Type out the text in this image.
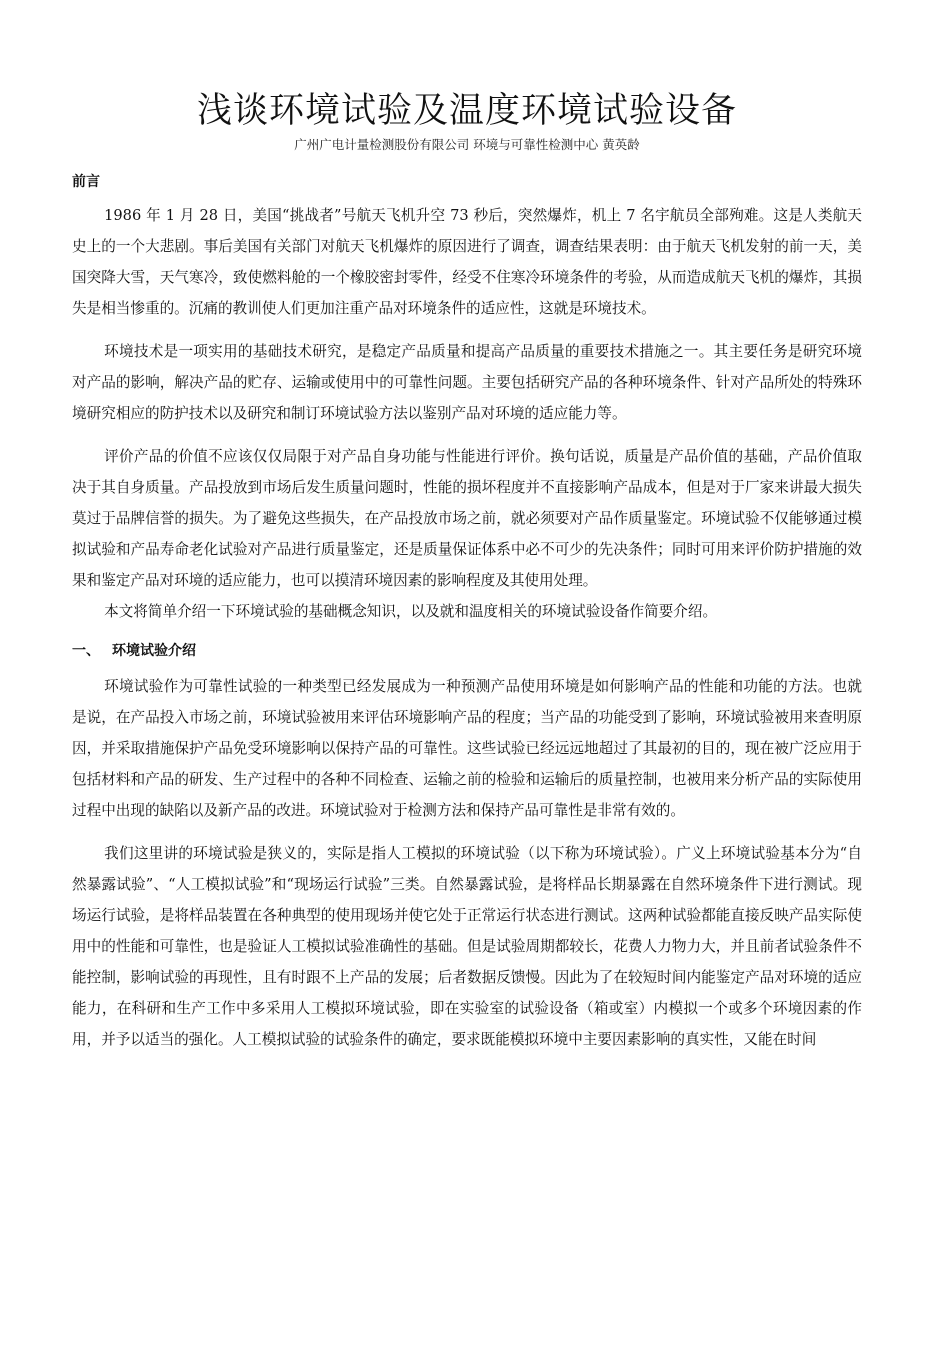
浅谈环境试验及温度环境试验设备
广州广电计量检测股份有限公司 环境与可靠性检测中心 黄英龄
前言

1986 年 1 月 28 日，美国“挑战者”号航天飞机升空 73 秒后，突然爆炸，机上 7 名宇航员全部殉难。这是人类航天史上的一个大悲剧。事后美国有关部门对航天飞机爆炸的原因进行了调查，调查结果表明：由于航天飞机发射的前一天，美国突降大雪，天气寒冷，致使燃料舱的一个橡胶密封零件，经受不住寒冷环境条件的考验，从而造成航天飞机的爆炸，其损失是相当惨重的。沉痛的教训使人们更加注重产品对环境条件的适应性，这就是环境技术。

环境技术是一项实用的基础技术研究，是稳定产品质量和提高产品质量的重要技术措施之一。其主要任务是研究环境对产品的影响，解决产品的贮存、运输或使用中的可靠性问题。主要包括研究产品的各种环境条件、针对产品所处的特殊环境研究相应的防护技术以及研究和制订环境试验方法以鉴别产品对环境的适应能力等。

评价产品的价值不应该仅仅局限于对产品自身功能与性能进行评价。换句话说，质量是产品价值的基础，产品价值取决于其自身质量。产品投放到市场后发生质量问题时，性能的损坏程度并不直接影响产品成本，但是对于厂家来讲最大损失莫过于品牌信誉的损失。为了避免这些损失，在产品投放市场之前，就必须要对产品作质量鉴定。环境试验不仅能够通过模拟试验和产品寿命老化试验对产品进行质量鉴定，还是质量保证体系中必不可少的先决条件；同时可用来评价防护措施的效果和鉴定产品对环境的适应能力，也可以摸清环境因素的影响程度及其使用处理。

本文将简单介绍一下环境试验的基础概念知识，以及就和温度相关的环境试验设备作简要介绍。

一、 环境试验介绍

环境试验作为可靠性试验的一种类型已经发展成为一种预测产品使用环境是如何影响产品的性能和功能的方法。也就是说，在产品投入市场之前，环境试验被用来评估环境影响产品的程度；当产品的功能受到了影响，环境试验被用来查明原因，并采取措施保护产品免受环境影响以保持产品的可靠性。这些试验已经远远地超过了其最初的目的，现在被广泛应用于包括材料和产品的研发、生产过程中的各种不同检查、运输之前的检验和运输后的质量控制，也被用来分析产品的实际使用过程中出现的缺陷以及新产品的改进。环境试验对于检测方法和保持产品可靠性是非常有效的。

我们这里讲的环境试验是狭义的，实际是指人工模拟的环境试验（以下称为环境试验）。广义上环境试验基本分为“自然暴露试验”、“人工模拟试验”和“现场运行试验”三类。自然暴露试验，是将样品长期暴露在自然环境条件下进行测试。现场运行试验，是将样品装置在各种典型的使用现场并使它处于正常运行状态进行测试。这两种试验都能直接反映产品实际使用中的性能和可靠性，也是验证人工模拟试验准确性的基础。但是试验周期都较长，花费人力物力大，并且前者试验条件不能控制，影响试验的再现性，且有时跟不上产品的发展；后者数据反馈慢。因此为了在较短时间内能鉴定产品对环境的适应能力，在科研和生产工作中多采用人工模拟环境试验，即在实验室的试验设备（箱或室）内模拟一个或多个环境因素的作用，并予以适当的强化。人工模拟试验的试验条件的确定，要求既能模拟环境中主要因素影响的真实性，又能在时间
